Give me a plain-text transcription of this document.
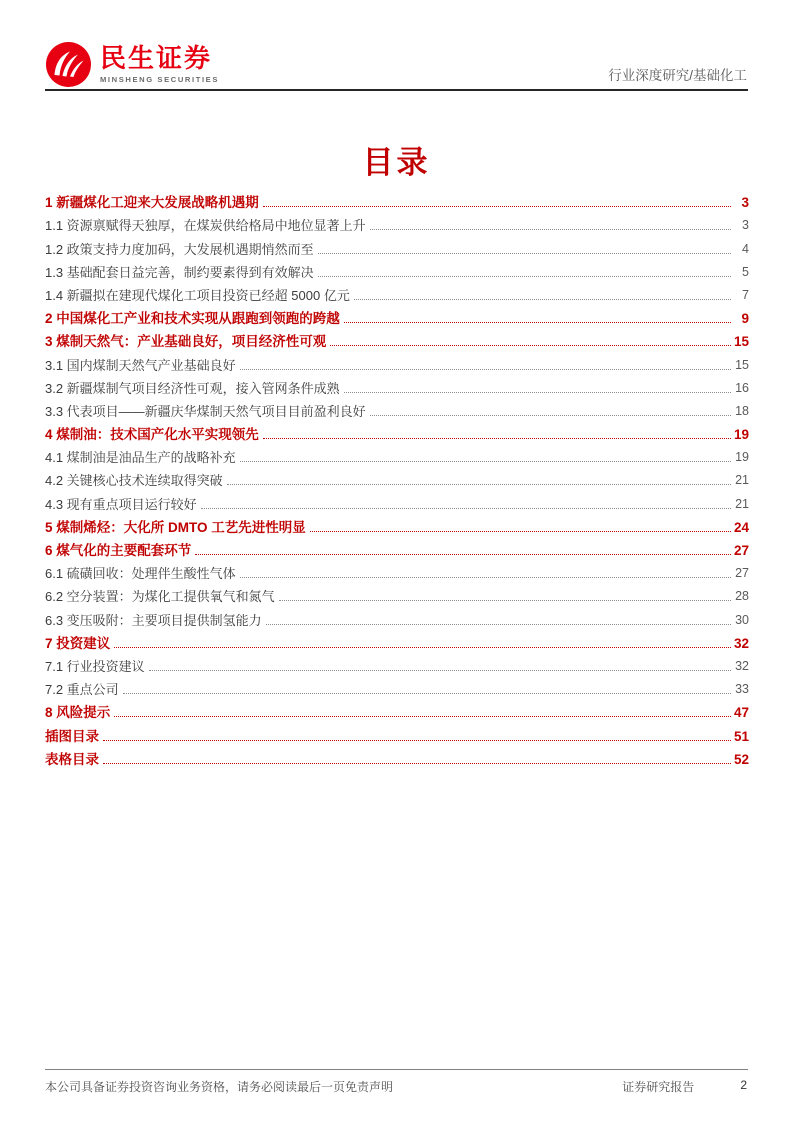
民生证券
MINSHENG SECURITIES	行业深度研究/基础化工
目录
1 新疆煤化工迎来大发展战略机遇期	3
1.1 资源禀赋得天独厚，在煤炭供给格局中地位显著上升	3
1.2 政策支持力度加码，大发展机遇期悄然而至	4
1.3 基础配套日益完善，制约要素得到有效解决	5
1.4 新疆拟在建现代煤化工项目投资已经超 5000 亿元	7
2 中国煤化工产业和技术实现从跟跑到领跑的跨越	9
3 煤制天然气：产业基础良好，项目经济性可观	15
3.1 国内煤制天然气产业基础良好	15
3.2 新疆煤制气项目经济性可观，接入管网条件成熟	16
3.3 代表项目——新疆庆华煤制天然气项目目前盈利良好	18
4 煤制油：技术国产化水平实现领先	19
4.1 煤制油是油品生产的战略补充	19
4.2 关键核心技术连续取得突破	21
4.3 现有重点项目运行较好	21
5 煤制烯烃：大化所 DMTO 工艺先进性明显	24
6 煤气化的主要配套环节	27
6.1 硫磺回收：处理伴生酸性气体	27
6.2 空分装置：为煤化工提供氧气和氮气	28
6.3 变压吸附：主要项目提供制氢能力	30
7 投资建议	32
7.1 行业投资建议	32
7.2 重点公司	33
8 风险提示	47
插图目录	51
表格目录	52
本公司具备证券投资咨询业务资格，请务必阅读最后一页免责声明	证券研究报告	2
